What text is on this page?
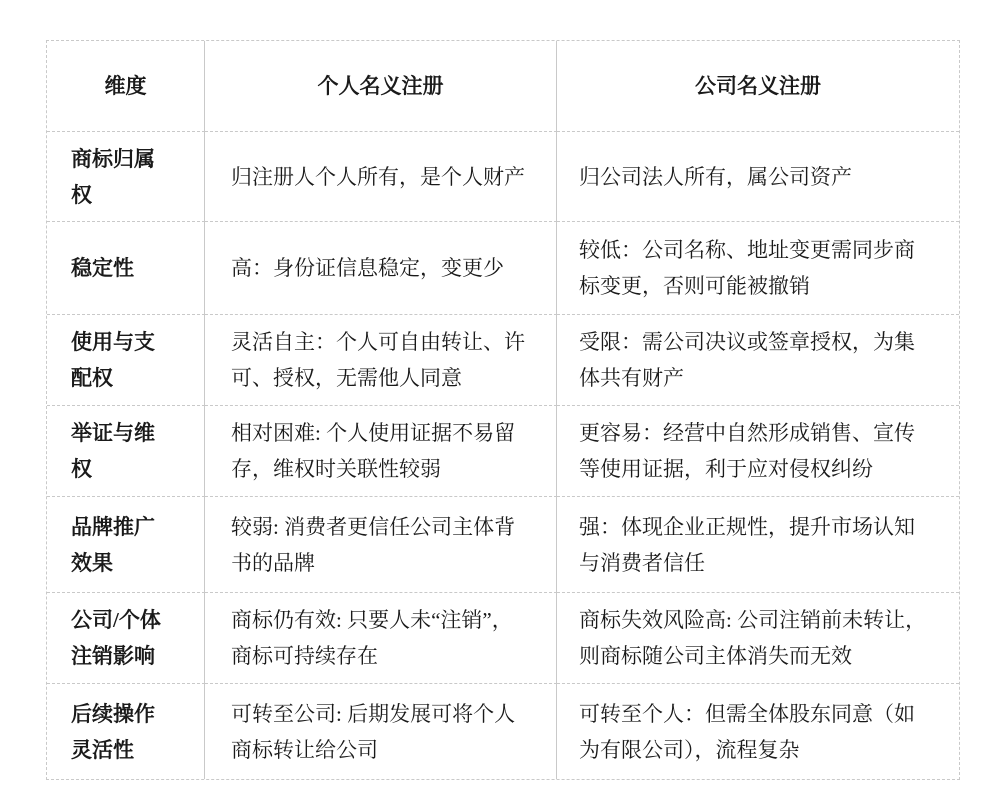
维度	个人名义注册	公司名义注册
商标归属权	归注册人个人所有，是个人财产	归公司法人所有，属公司资产
稳定性	高：身份证信息稳定，变更少	较低：公司名称、地址变更需同步商标变更，否则可能被撤销
使用与支配权	灵活自主：个人可自由转让、许可、授权，无需他人同意	受限：需公司决议或签章授权，为集体共有财产
举证与维权	相对困难: 个人使用证据不易留存，维权时关联性较弱	更容易：经营中自然形成销售、宣传等使用证据，利于应对侵权纠纷
品牌推广效果	较弱: 消费者更信任公司主体背书的品牌	强：体现企业正规性，提升市场认知与消费者信任
公司/个体注销影响	商标仍有效: 只要人未“注销”，商标可持续存在	商标失效风险高: 公司注销前未转让，则商标随公司主体消失而无效
后续操作灵活性	可转至公司: 后期发展可将个人商标转让给公司	可转至个人：但需全体股东同意（如为有限公司），流程复杂
